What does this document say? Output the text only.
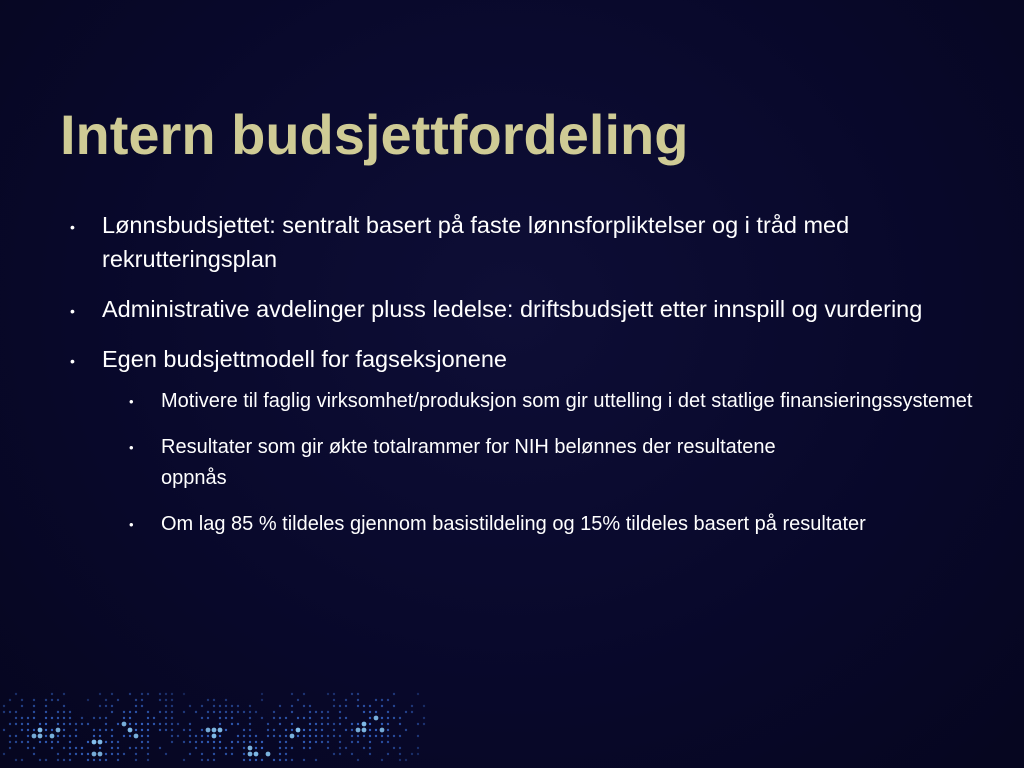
Intern budsjettfordeling
• Lønnsbudsjettet: sentralt basert på faste lønnsforpliktelser og i tråd med rekrutteringsplan
• Administrative avdelinger pluss ledelse: driftsbudsjett etter innspill og vurdering
• Egen budsjettmodell for fagseksjonene
• Motivere til faglig virksomhet/produksjon som gir uttelling i det statlige finansieringssystemet
• Resultater som gir økte totalrammer for NIH belønnes der resultatene oppnås
• Om lag 85 % tildeles gjennom basistildeling og 15% tildeles basert på resultater
